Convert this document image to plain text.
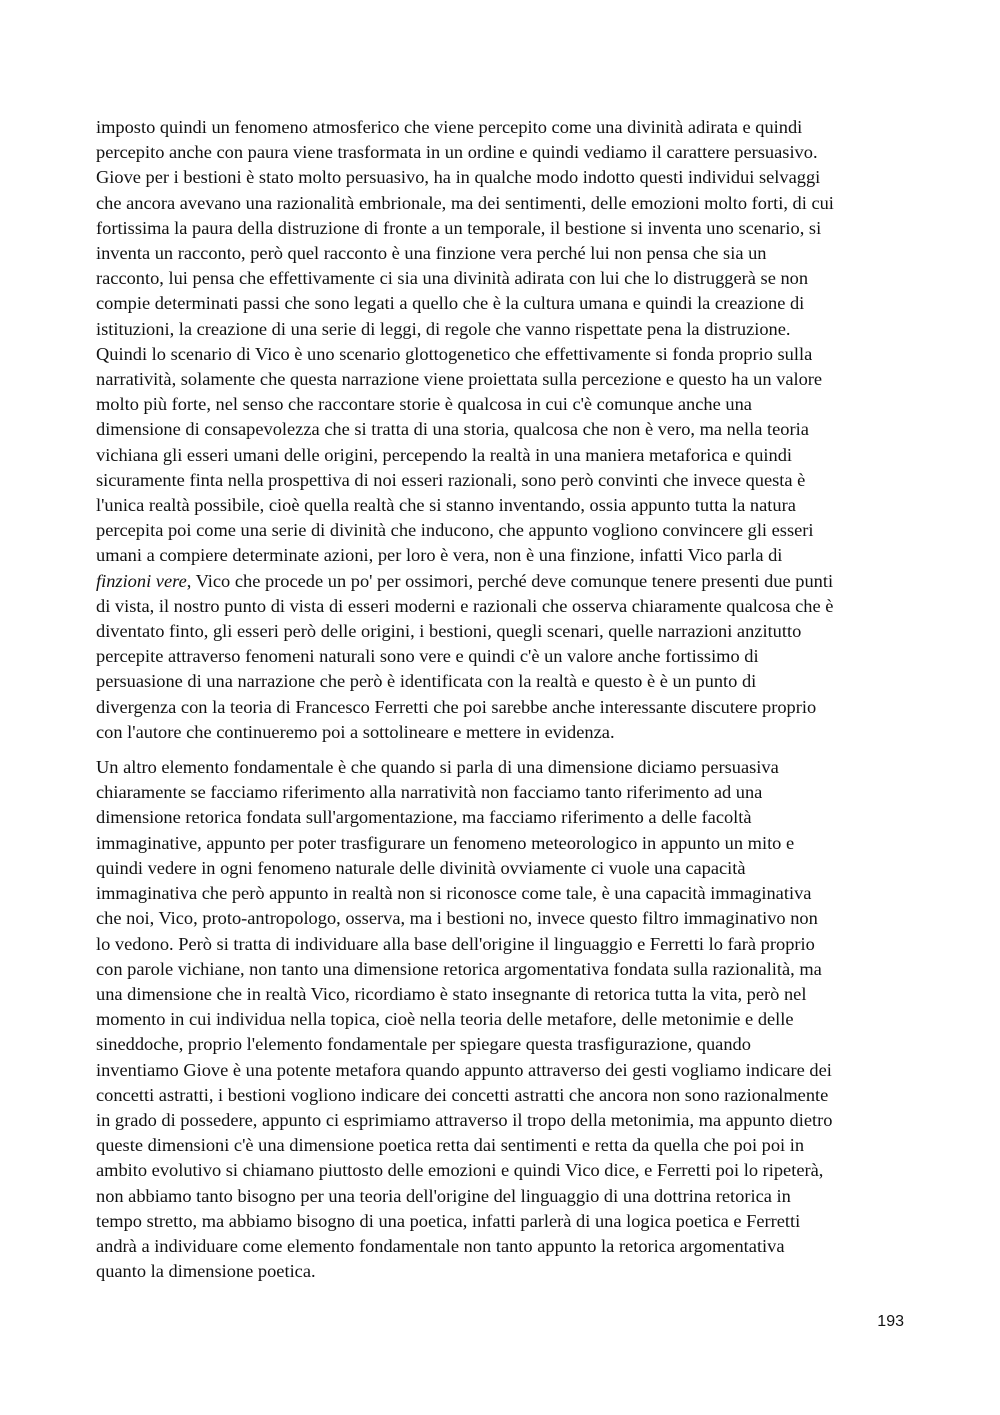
imposto quindi un fenomeno atmosferico che viene percepito come una divinità adirata e quindi
percepito anche con paura viene trasformata in un ordine e quindi vediamo il carattere persuasivo.
Giove per i bestioni è stato molto persuasivo, ha in qualche modo indotto questi individui selvaggi
che ancora avevano una razionalità embrionale, ma dei sentimenti, delle emozioni molto forti, di cui
fortissima la paura della distruzione di fronte a un temporale, il bestione si inventa uno scenario, si
inventa un racconto, però quel racconto è una finzione vera perché lui non pensa che sia un
racconto, lui pensa che effettivamente ci sia una divinità adirata con lui che lo distruggerà se non
compie determinati passi che sono legati a quello che è la cultura umana e quindi la creazione di
istituzioni, la creazione di una serie di leggi, di regole che vanno rispettate pena la distruzione.
Quindi lo scenario di Vico è uno scenario glottogenetico che effettivamente si fonda proprio sulla
narratività, solamente che questa narrazione viene proiettata sulla percezione e questo ha un valore
molto più forte, nel senso che raccontare storie è qualcosa in cui c'è comunque anche una
dimensione di consapevolezza che si tratta di una storia, qualcosa che non è vero, ma nella teoria
vichiana gli esseri umani delle origini, percependo la realtà in una maniera metaforica e quindi
sicuramente finta nella prospettiva di noi esseri razionali, sono però convinti che invece questa è
l'unica realtà possibile, cioè quella realtà che si stanno inventando, ossia appunto tutta la natura
percepita poi come una serie di divinità che inducono, che appunto vogliono convincere gli esseri
umani a compiere determinate azioni, per loro è vera, non è una finzione, infatti Vico parla di
finzioni vere, Vico che procede un po' per ossimori, perché deve comunque tenere presenti due punti
di vista, il nostro punto di vista di esseri moderni e razionali che osserva chiaramente qualcosa che è
diventato finto, gli esseri però delle origini, i bestioni, quegli scenari, quelle narrazioni anzitutto
percepite attraverso fenomeni naturali sono vere e quindi c'è un valore anche fortissimo di
persuasione di una narrazione che però è identificata con la realtà e questo è è un punto di
divergenza con la teoria di Francesco Ferretti che poi sarebbe anche interessante discutere proprio
con l'autore che continueremo poi a sottolineare e mettere in evidenza.

Un altro elemento fondamentale è che quando si parla di una dimensione diciamo persuasiva
chiaramente se facciamo riferimento alla narratività non facciamo tanto riferimento ad una
dimensione retorica fondata sull'argomentazione, ma facciamo riferimento a delle facoltà
immaginative, appunto per poter trasfigurare un fenomeno meteorologico in appunto un mito e
quindi vedere in ogni fenomeno naturale delle divinità ovviamente ci vuole una capacità
immaginativa che però appunto in realtà non si riconosce come tale, è una capacità immaginativa
che noi, Vico, proto-antropologo, osserva, ma i bestioni no, invece questo filtro immaginativo non
lo vedono. Però si tratta di individuare alla base dell'origine il linguaggio e Ferretti lo farà proprio
con parole vichiane, non tanto una dimensione retorica argomentativa fondata sulla razionalità, ma
una dimensione che in realtà Vico, ricordiamo è stato insegnante di retorica tutta la vita, però nel
momento in cui individua nella topica, cioè nella teoria delle metafore, delle metonimie e delle
sineddoche, proprio l'elemento fondamentale per spiegare questa trasfigurazione, quando
inventiamo Giove è una potente metafora quando appunto attraverso dei gesti vogliamo indicare dei
concetti astratti, i bestioni vogliono indicare dei concetti astratti che ancora non sono razionalmente
in grado di possedere, appunto ci esprimiamo attraverso il tropo della metonimia, ma appunto dietro
queste dimensioni c'è una dimensione poetica retta dai sentimenti e retta da quella che poi poi in
ambito evolutivo si chiamano piuttosto delle emozioni e quindi Vico dice, e Ferretti poi lo ripeterà,
non abbiamo tanto bisogno per una teoria dell'origine del linguaggio di una dottrina retorica in
tempo stretto, ma abbiamo bisogno di una poetica, infatti parlerà di una logica poetica e Ferretti
andrà a individuare come elemento fondamentale non tanto appunto la retorica argomentativa
quanto la dimensione poetica.

193
